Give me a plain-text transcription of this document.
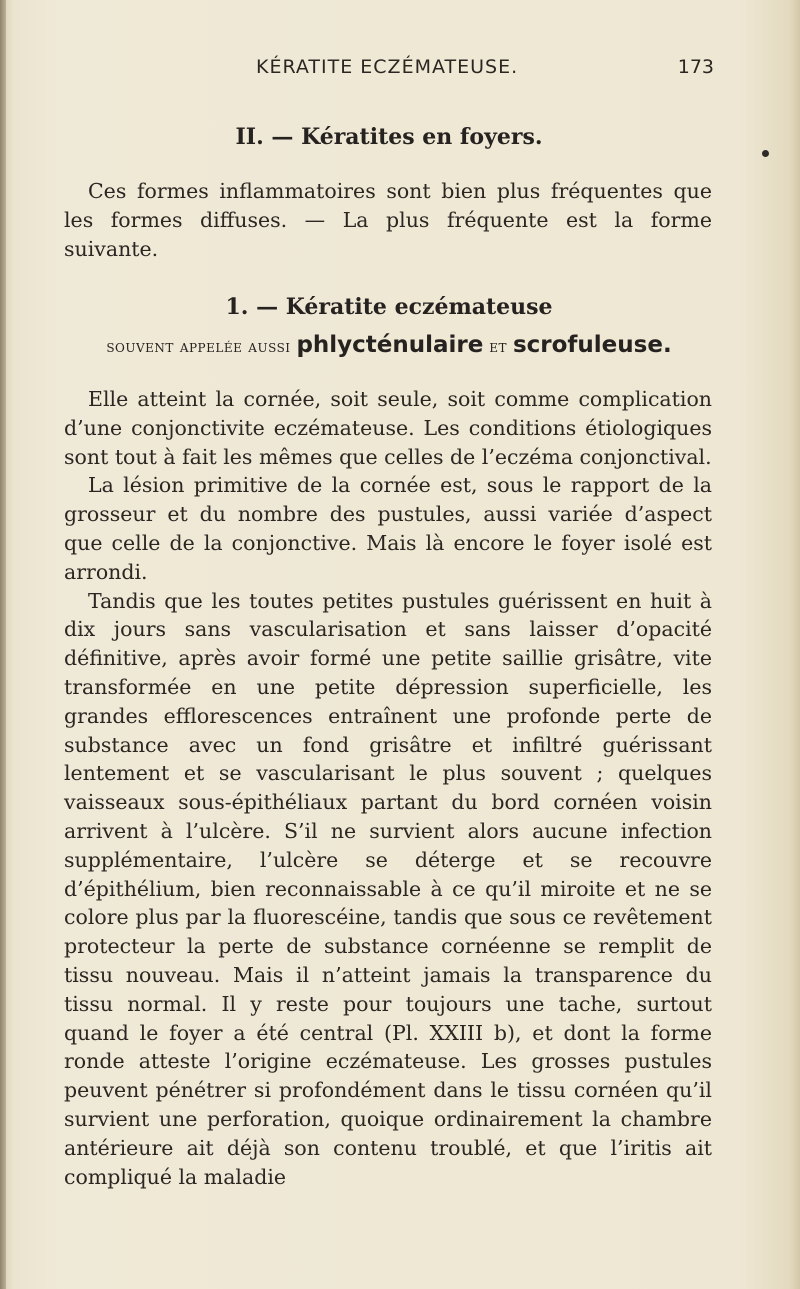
KÉRATITE ECZÉMATEUSE.	173
II. — Kératites en foyers.

Ces formes inflammatoires sont bien plus fréquentes que les formes diffuses. — La plus fréquente est la forme suivante.

1. — Kératite eczémateuse
souvent appelée aussi phlycténulaire et scrofuleuse.

Elle atteint la cornée, soit seule, soit comme complication d’une conjonctivite eczémateuse. Les conditions étiologiques sont tout à fait les mêmes que celles de l’eczéma conjonctival.

La lésion primitive de la cornée est, sous le rapport de la grosseur et du nombre des pustules, aussi variée d’aspect que celle de la conjonctive. Mais là encore le foyer isolé est arrondi.

Tandis que les toutes petites pustules guérissent en huit à dix jours sans vascularisation et sans laisser d’opacité définitive, après avoir formé une petite saillie grisâtre, vite transformée en une petite dépression superficielle, les grandes efflorescences entraînent une profonde perte de substance avec un fond grisâtre et infiltré guérissant lentement et se vascularisant le plus souvent ; quelques vaisseaux sous-épithéliaux partant du bord cornéen voisin arrivent à l’ulcère. S’il ne survient alors aucune infection supplémentaire, l’ulcère se déterge et se recouvre d’épithélium, bien reconnaissable à ce qu’il miroite et ne se colore plus par la fluorescéine, tandis que sous ce revêtement protecteur la perte de substance cornéenne se remplit de tissu nouveau. Mais il n’atteint jamais la transparence du tissu normal. Il y reste pour toujours une tache, surtout quand le foyer a été central (Pl. XXIII b), et dont la forme ronde atteste l’origine eczémateuse. Les grosses pustules peuvent pénétrer si profondément dans le tissu cornéen qu’il survient une perforation, quoique ordinairement la chambre antérieure ait déjà son contenu troublé, et que l’iritis ait compliqué la maladie
